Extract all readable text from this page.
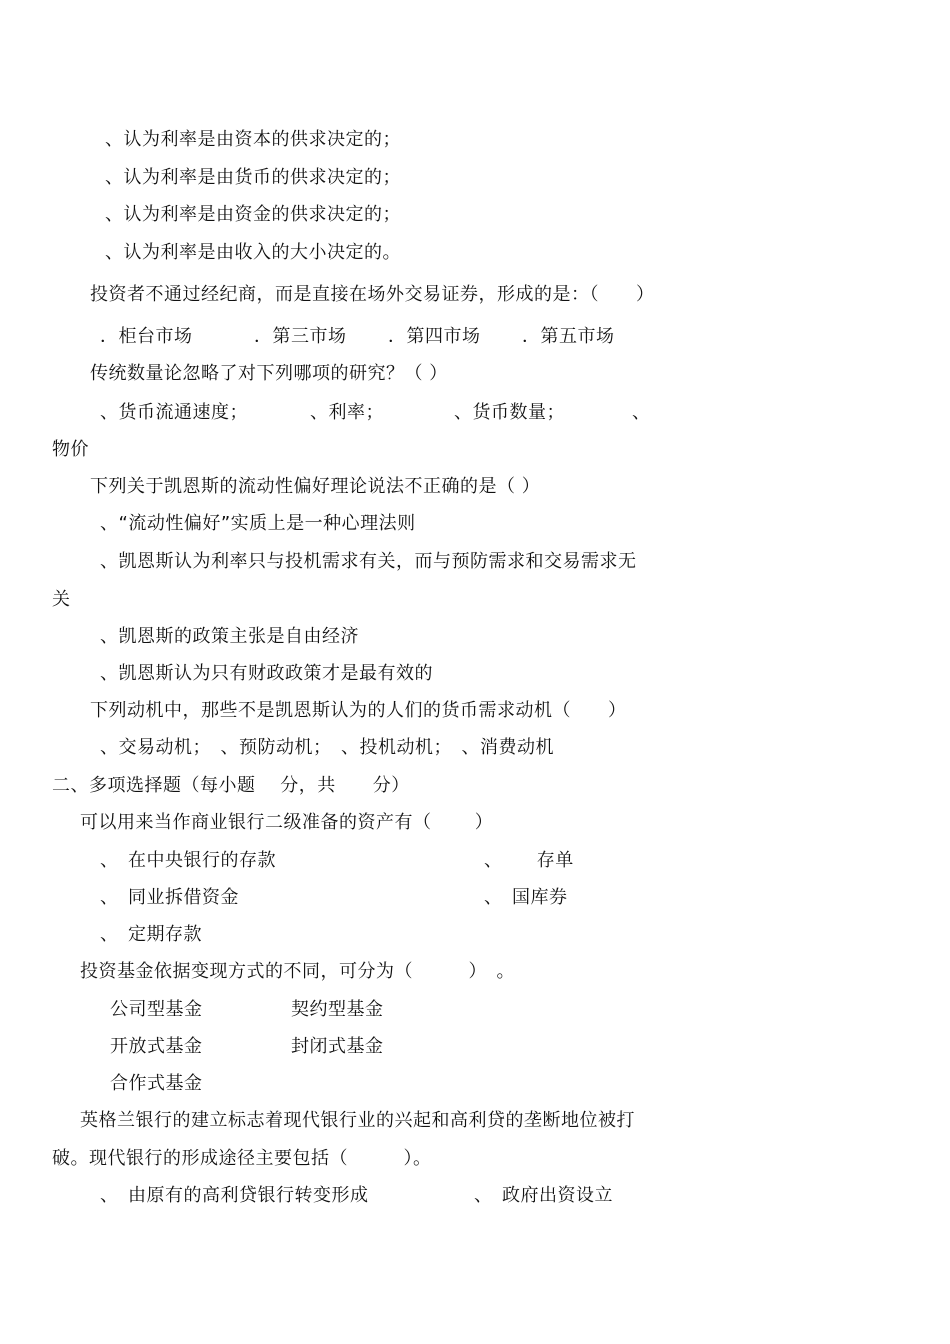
、认为利率是由资本的供求决定的；
、认为利率是由货币的供求决定的；
、认为利率是由资金的供求决定的；
、认为利率是由收入的大小决定的。
投资者不通过经纪商，而是直接在场外交易证券，形成的是：（　　）
．柜台市场	．第三市场 ．第四市场 ．第五市场
传统数量论忽略了对下列哪项的研究？（ ）
、货币流通速度；	、利率；	、货币数量；	、
物价
下列关于凯恩斯的流动性偏好理论说法不正确的是（ ）
、“流动性偏好”实质上是一种心理法则
、凯恩斯认为利率只与投机需求有关，而与预防需求和交易需求无
关
、凯恩斯的政策主张是自由经济
、凯恩斯认为只有财政政策才是最有效的
下列动机中，那些不是凯恩斯认为的人们的货币需求动机（　　）
、交易动机；　、预防动机；　、投机动机；　、消费动机
二、多项选择题（每小题　 分，共　　分）
可以用来当作商业银行二级准备的资产有（　　 ）
、　在中央银行的存款	、　　 存单
、　同业拆借资金	、　国库券
、　定期存款
投资基金依据变现方式的不同，可分为（　　　）　。
公司型基金	契约型基金
开放式基金	封闭式基金
合作式基金
英格兰银行的建立标志着现代银行业的兴起和高利贷的垄断地位被打
破。现代银行的形成途径主要包括（　　　）。
、　由原有的高利贷银行转变形成	、　政府出资设立
